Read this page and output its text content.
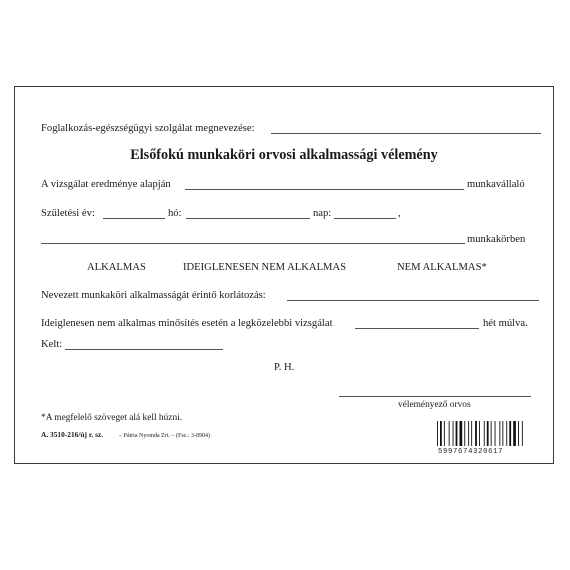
Foglalkozás-egészségügyi szolgálat megnevezése:
Elsőfokú munkaköri orvosi alkalmassági vélemény
A vizsgálat eredménye alapján	munkavállaló
Születési év:	hó:	nap:	,
munkakörben
ALKALMAS	IDEIGLENESEN NEM ALKALMAS	NEM ALKALMAS*
Nevezett munkaköri alkalmasságát érintő korlátozás:
Ideiglenesen nem alkalmas minősítés esetén a legközelebbi vizsgálat	hét múlva.
Kelt:
P. H.
véleményező orvos
*A megfelelő szöveget alá kell húzni.
A. 3510-216/új r. sz.	– Pátria Nyomda Zrt. – (Fsz.: 3-8904)
5997674320617
